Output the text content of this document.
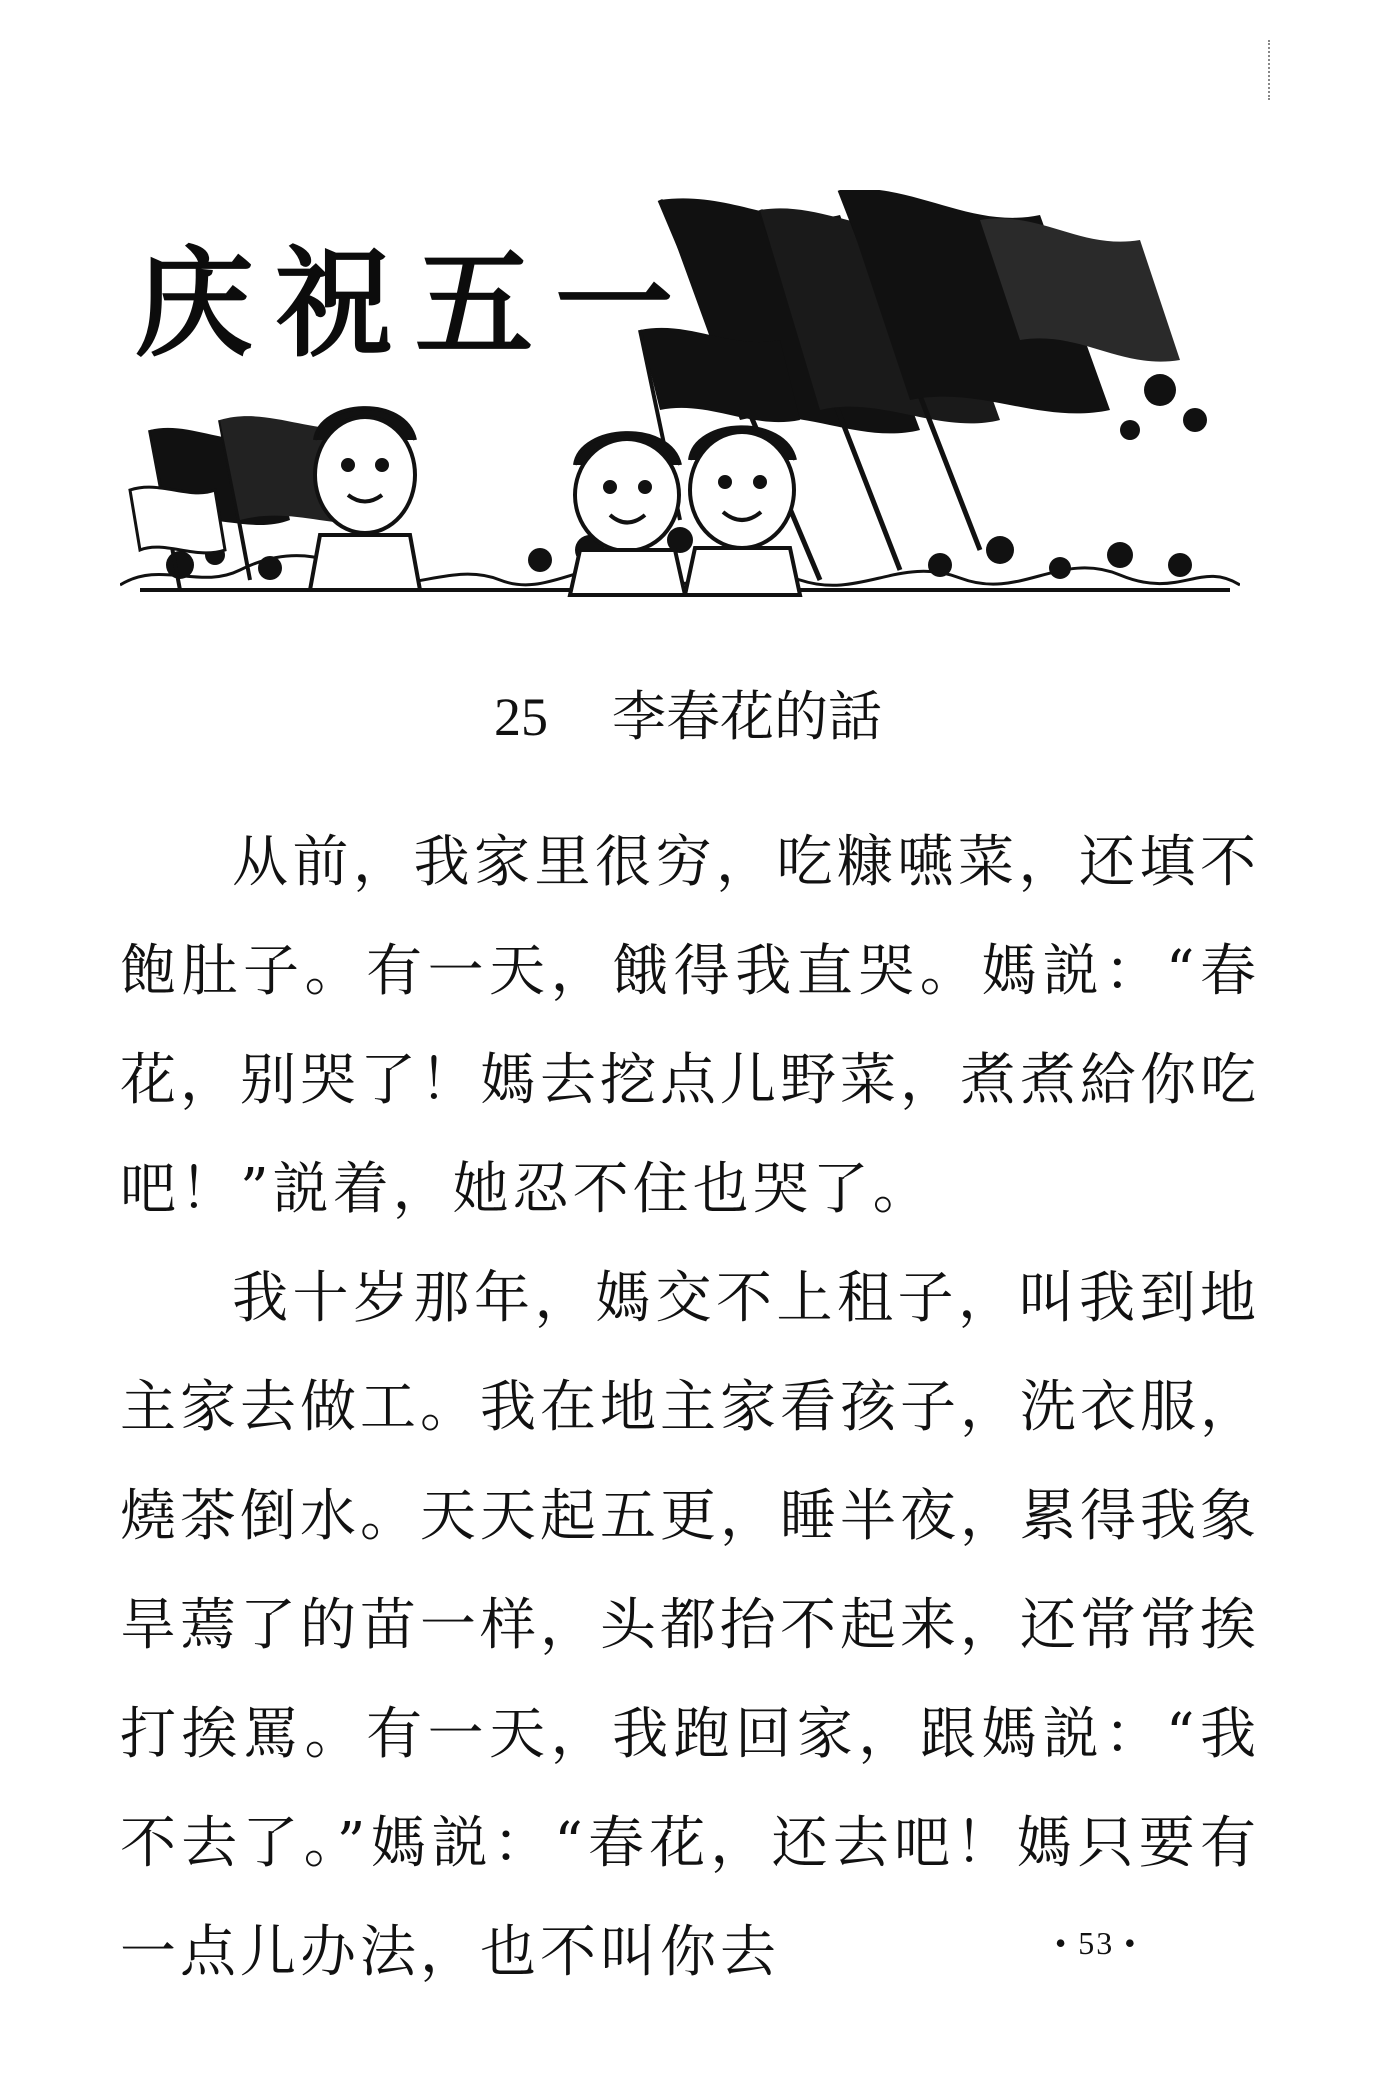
庆祝五一
25 李春花的話

从前，我家里很穷，吃糠嚥菜，还填不飽肚子。有一天，餓得我直哭。媽説：“春花，别哭了！媽去挖点儿野菜，煮煮給你吃吧！”説着，她忍不住也哭了。

我十岁那年，媽交不上租子，叫我到地主家去做工。我在地主家看孩子，洗衣服，燒茶倒水。天天起五更，睡半夜，累得我象旱蔫了的苗一样，头都抬不起来，还常常挨打挨罵。有一天，我跑回家，跟媽説：“我不去了。”媽説：“春花，还去吧！媽只要有一点儿办法，也不叫你去	• 53 •
